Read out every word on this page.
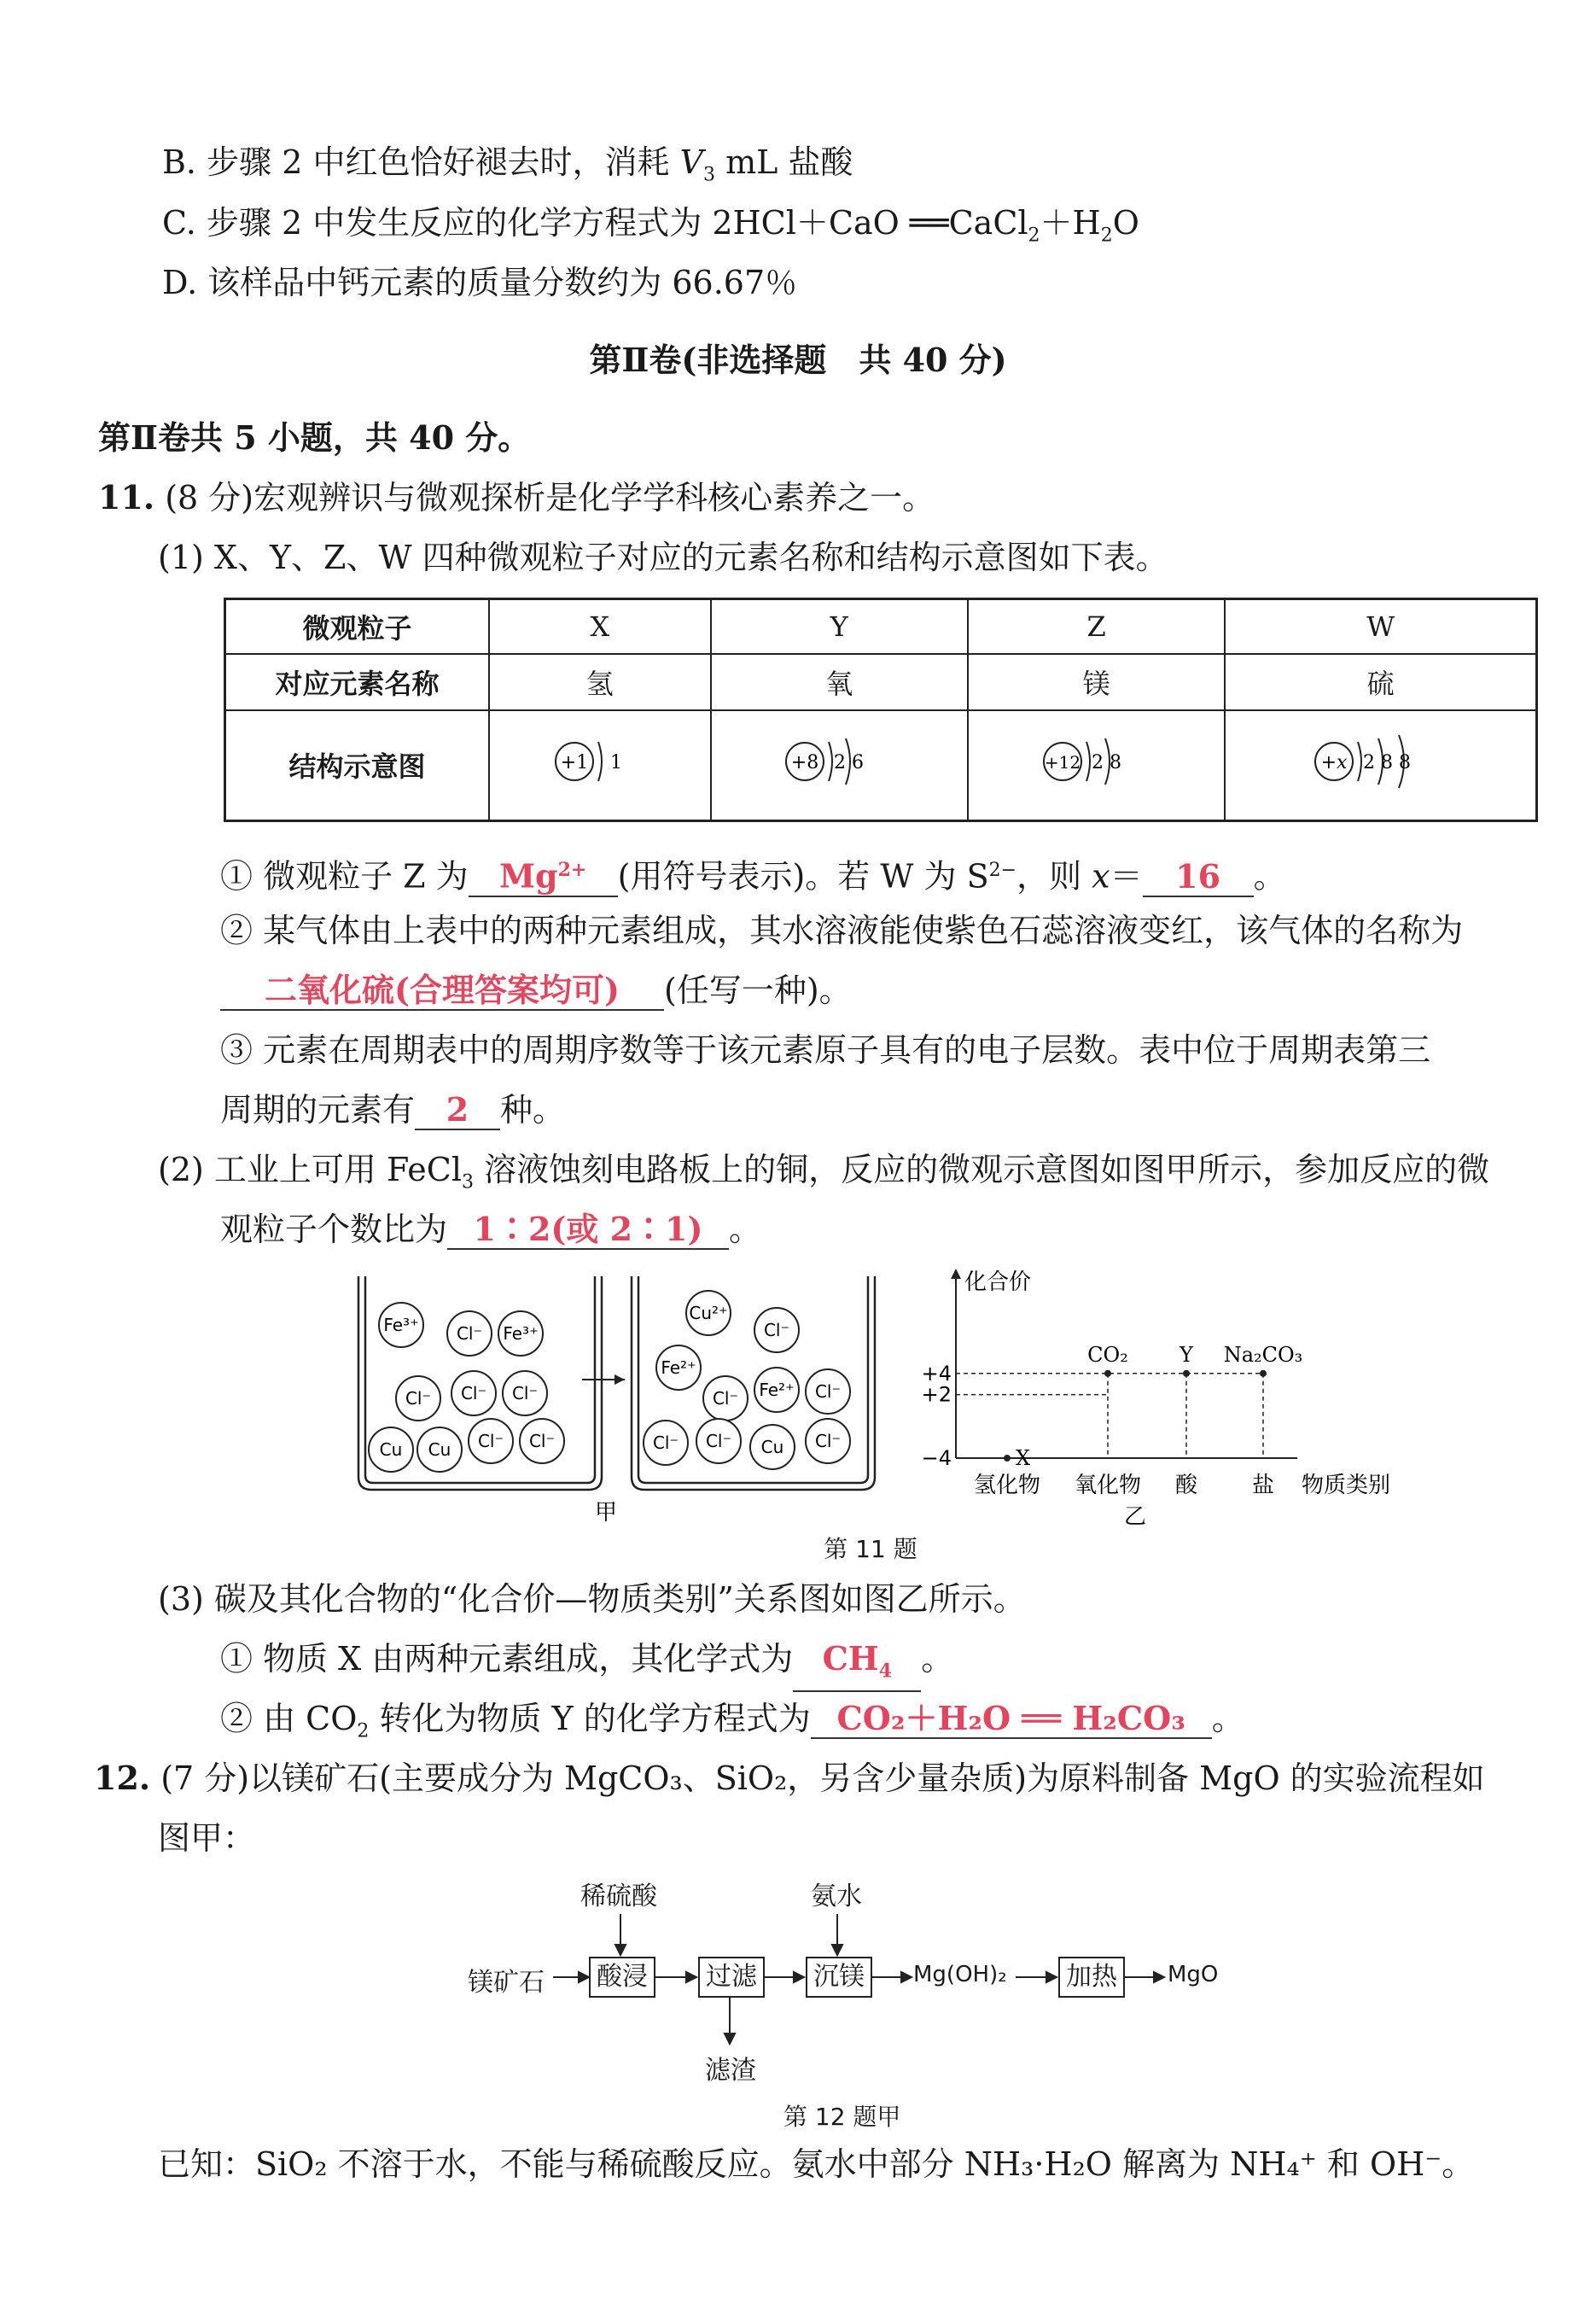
B. 步骤 2 中红色恰好褪去时，消耗 $V_3$ mL 盐酸
C. 步骤 2 中发生反应的化学方程式为 2HCl＋CaO $══CaCl_2+H_2O$
D. 该样品中钙元素的质量分数约为 66.67％
第Ⅱ卷(非选择题　共 40 分)
第Ⅱ卷共 5 小题，共 40 分。
11. (8 分)宏观辨识与微观探析是化学学科核心素养之一。
(1) X、Y、Z、W 四种微观粒子对应的元素名称和结构示意图如下表。
微观粒子	X	Y	Z	W
对应元素名称	氢	氧	镁	硫
结构示意图	+1 1	+8 2 6	+12 2 8	+x 2 8 8
① 微观粒子 Z 为 $Mg^{2+}$ (用符号表示)。若 W 为 $S^{2-}$，则 x＝ 16 。
② 某气体由上表中的两种元素组成，其水溶液能使紫色石蕊溶液变红，该气体的名称为
二氧化硫(合理答案均可) (任写一种)。
③ 元素在周期表中的周期序数等于该元素原子具有的电子层数。表中位于周期表第三
周期的元素有 2 种。
(2) 工业上可用 FeCl$_3$ 溶液蚀刻电路板上的铜，反应的微观示意图如图甲所示，参加反应的微
观粒子个数比为 1∶2(或 2∶1) 。
Fe³⁺ Cl⁻ Fe³⁺
Cl⁻ Cl⁻ Cl⁻
Cu Cu Cl⁻ Cl⁻
Cu²⁺
Cl⁻
Fe²⁺
Cl⁻ Fe²⁺ Cl⁻
Cl⁻ Cl⁻ Cu Cl⁻
甲
化合价
物质类别
+4
+2
−4
氢化物 氧化物 酸 盐
X
CO₂	Y Na₂CO₃
乙
第 11 题
(3) 碳及其化合物的“化合价—物质类别”关系图如图乙所示。
① 物质 X 由两种元素组成，其化学式为 $CH_4$ 。
② 由 $CO_2$ 转化为物质 Y 的化学方程式为 CO₂＋H₂O ══ H₂CO₃ 。
12. (7 分)以镁矿石(主要成分为 MgCO₃、SiO₂，另含少量杂质)为原料制备 MgO 的实验流程如
图甲：
稀硫酸	氨水
镁矿石	酸浸	过滤	沉镁	Mg(OH)₂	加热	MgO
滤渣
第 12 题甲
已知：SiO₂ 不溶于水，不能与稀硫酸反应。氨水中部分 NH₃·H₂O 解离为 NH₄⁺ 和 OH⁻。
